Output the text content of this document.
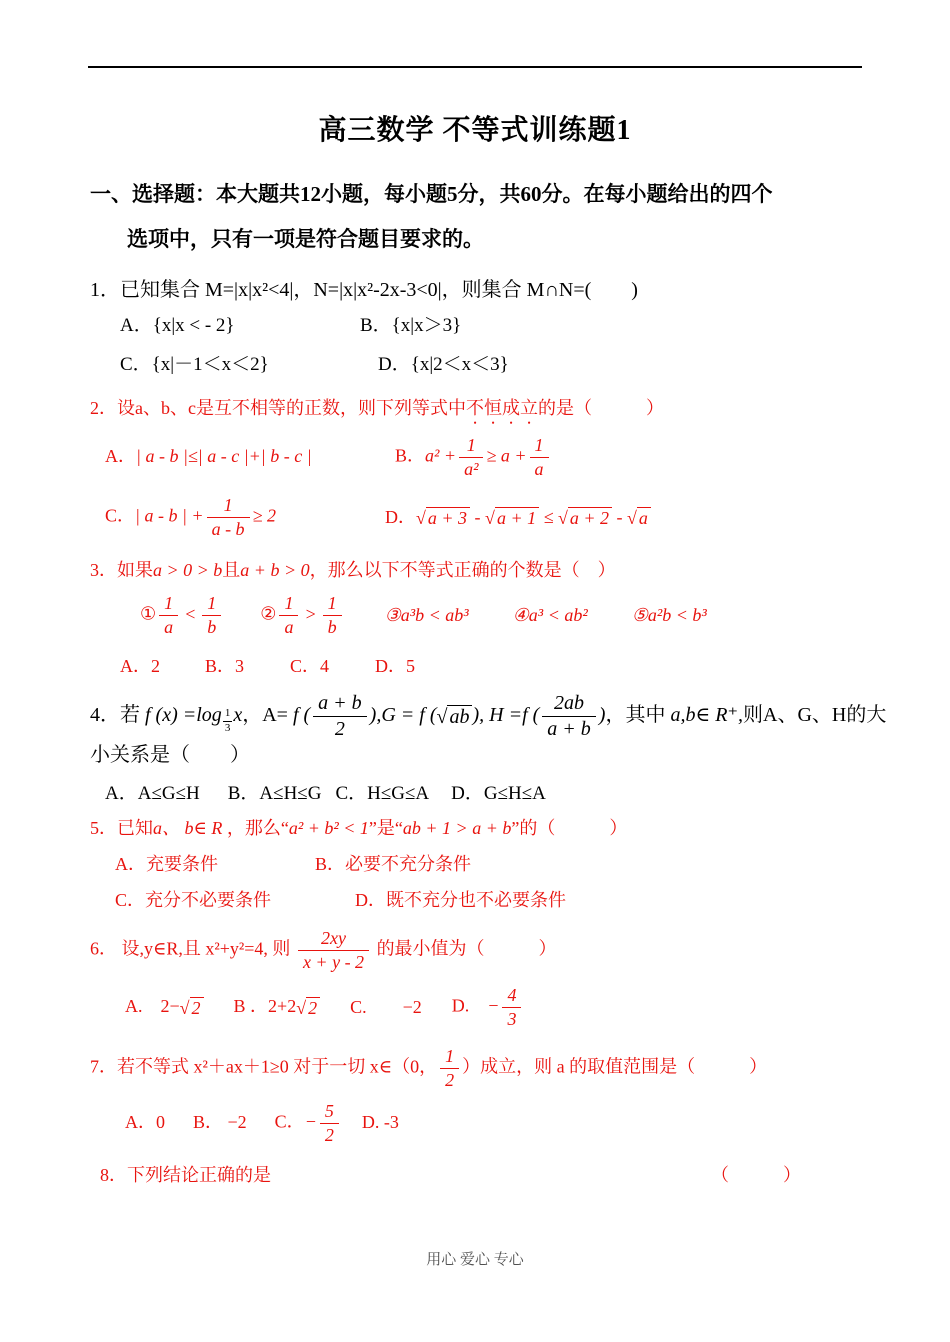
高三数学 不等式训练题1

一、选择题：本大题共12小题，每小题5分，共60分。在每小题给出的四个

选项中，只有一项是符合题目要求的。

1．已知集合 M=|x|x²<4|，N=|x|x²-2x-3<0|，则集合 M∩N=(　　)

A．{x|x < - 2}	B．{x|x＞3}

C．{x|－1＜x＜2}	D．{x|2＜x＜3}

2．设a、b、c是互不相等的正数，则下列等式中不恒成立的是（　　　）

A．| a - b |≤| a - c |+| b - c |	B．$a^2 + \frac{1}{\text{a²}} \ge a + \frac{1}{a}$

C．| a - b | + $\frac{1}{a - b} \ge 2$	D．√ a + 3 - √ a + 1 ≤ √ a + 2 - √ a

3．如果a > 0 > b且a + b > 0，那么以下不等式正确的个数是（　）

① $\frac{1}{a} < \frac{1}{b}$ ② $\frac{1}{a} > \frac{1}{b}$ ③a³b < ab³ ④a³ < ab² ⑤a²b < b³

A．2	B．3	C．4	D．5

4．若 f $(x) =\log \frac{1}{3}$ x，A= f ( $\frac{a + b}{2} ),G = f$ (√ ab ), H =f ( $\frac{2ab}{a + b}$ )，其中 a,b∈ R⁺,则A、G、H的大
小关系是（　　）

A．A≤G≤H B．A≤H≤G C．H≤G≤A D．G≤H≤A

5．已知a、 b∈ R ，那么“a² + b² < 1”是“ab + 1 > a + b”的（　　　）

A．充要条件	B．必要不充分条件

C．充分不必要条件	D．既不充分也不必要条件

6． 设,y∈R,且 x²+y²=4, 则 $\frac{2xy}{x + y - 2}$ 的最小值为（　　　）

A.　2−√ 2 B ．2+2√ 2 C.　　−2 D.　− $\frac{4}{3}$

7．若不等式 x²＋ax＋1≥0 对于一切 x∈（0， $\frac{1}{2}$ ）成立，则 a 的取值范围是（　　　）

A．0 B． −2 C．− $\frac{5}{2} D$. -3

8．下列结论正确的是	（　　　）

用心 爱心 专心
